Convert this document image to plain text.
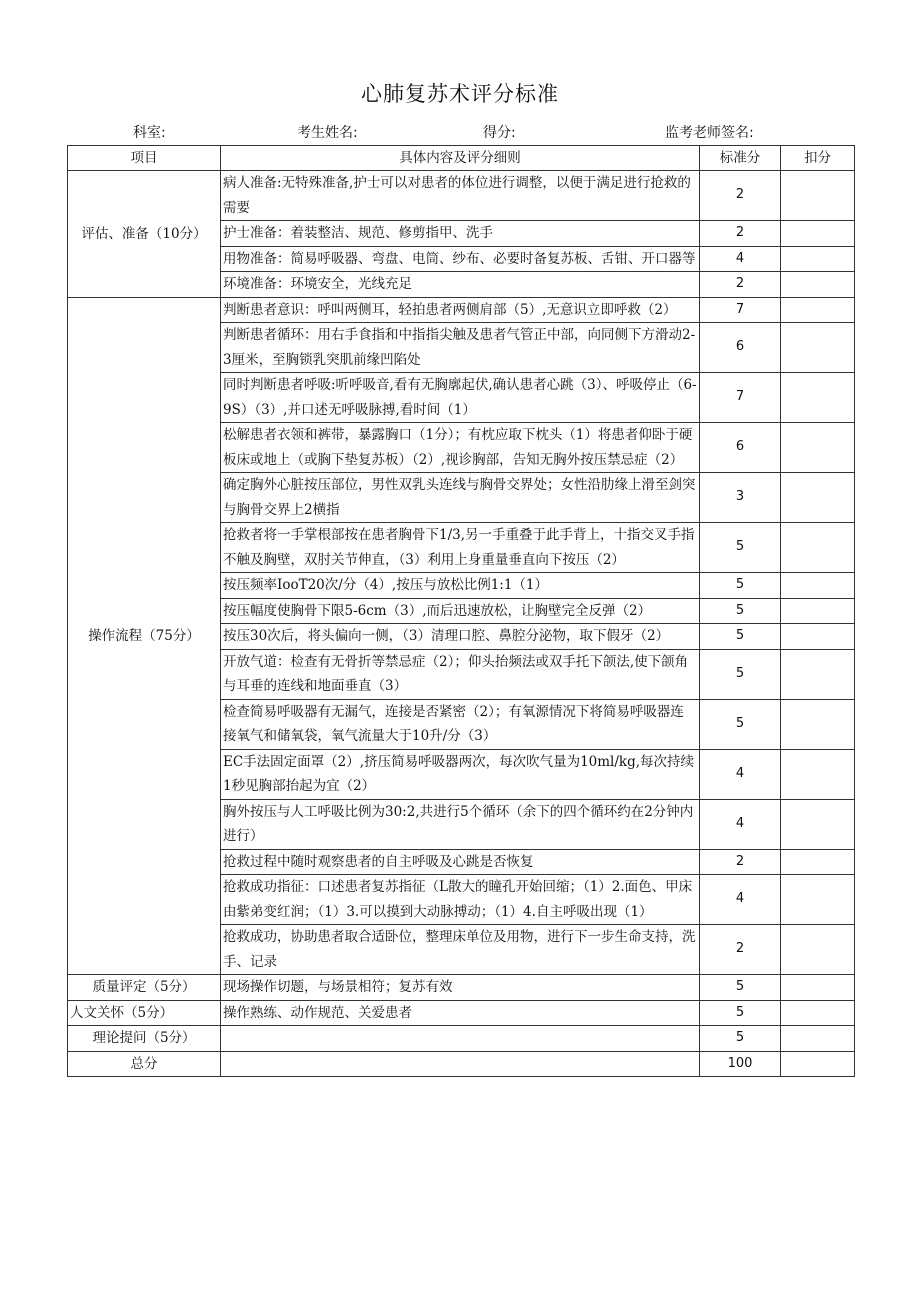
心肺复苏术评分标准
科室:	考生姓名:	得分:	监考老师签名:
项目	具体内容及评分细则	标准分	扣分
评估、准备（10分）	病人准备:无特殊准备,护士可以对患者的体位进行调整，以便于满足进行抢救的需要	2	
	护士准备：着装整洁、规范、修剪指甲、洗手	2	
	用物准备：简易呼吸器、弯盘、电筒、纱布、必要时备复苏板、舌钳、开口器等	4	
	环境准备：环境安全，光线充足	2	
操作流程（75分）	判断患者意识：呼叫两侧耳，轻拍患者两侧肩部（5）,无意识立即呼救（2）	7	
	判断患者循环：用右手食指和中指指尖触及患者气管正中部，向同侧下方滑动2-3厘米，至胸锁乳突肌前缘凹陷处	6	
	同时判断患者呼吸:听呼吸音,看有无胸廓起伏,确认患者心跳（3）、呼吸停止（6-9S）（3）,并口述无呼吸脉搏,看时间（1）	7	
	松解患者衣领和裤带，暴露胸口（1分）；有枕应取下枕头（1）将患者仰卧于硬板床或地上（或胸下垫复苏板）（2）,视诊胸部，告知无胸外按压禁忌症（2）	6	
	确定胸外心脏按压部位，男性双乳头连线与胸骨交界处；女性沿肋缘上滑至剑突与胸骨交界上2横指	3	
	抢救者将一手掌根部按在患者胸骨下1/3,另一手重叠于此手背上，十指交叉手指不触及胸壁，双肘关节伸直，（3）利用上身重量垂直向下按压（2）	5	
	按压频率IooT20次/分（4）,按压与放松比例1:1（1）	5	
	按压幅度使胸骨下限5-6cm（3）,而后迅速放松，让胸壁完全反弹（2）	5	
	按压30次后，将头偏向一侧，（3）清理口腔、鼻腔分泌物，取下假牙（2）	5	
	开放气道：检查有无骨折等禁忌症（2）；仰头抬频法或双手托下颌法,使下颌角与耳垂的连线和地面垂直（3）	5	
	检查简易呼吸器有无漏气，连接是否紧密（2）；有氧源情况下将简易呼吸器连接氧气和储氧袋，氧气流量大于10升/分（3）	5	
	EC手法固定面罩（2）,挤压简易呼吸器两次，每次吹气量为10ml/kg,每次持续1秒见胸部抬起为宜（2）	4	
	胸外按压与人工呼吸比例为30:2,共进行5个循环（余下的四个循环约在2分钟内进行）	4	
	抢救过程中随时观察患者的自主呼吸及心跳是否恢复	2	
	抢救成功指征：口述患者复苏指征（L散大的瞳孔开始回缩；（1）2.面色、甲床由紫弟变红润；（1）3.可以摸到大动脉搏动；（1）4.自主呼吸出现（1）	4	
	抢救成功，协助患者取合适卧位，整理床单位及用物，进行下一步生命支持，洗手、记录	2	
质量评定（5分）	现场操作切题，与场景相符；复苏有效	5	
人文关怀（5分）	操作熟练、动作规范、关爱患者	5	
理论提问（5分）		5	
总分		100	
